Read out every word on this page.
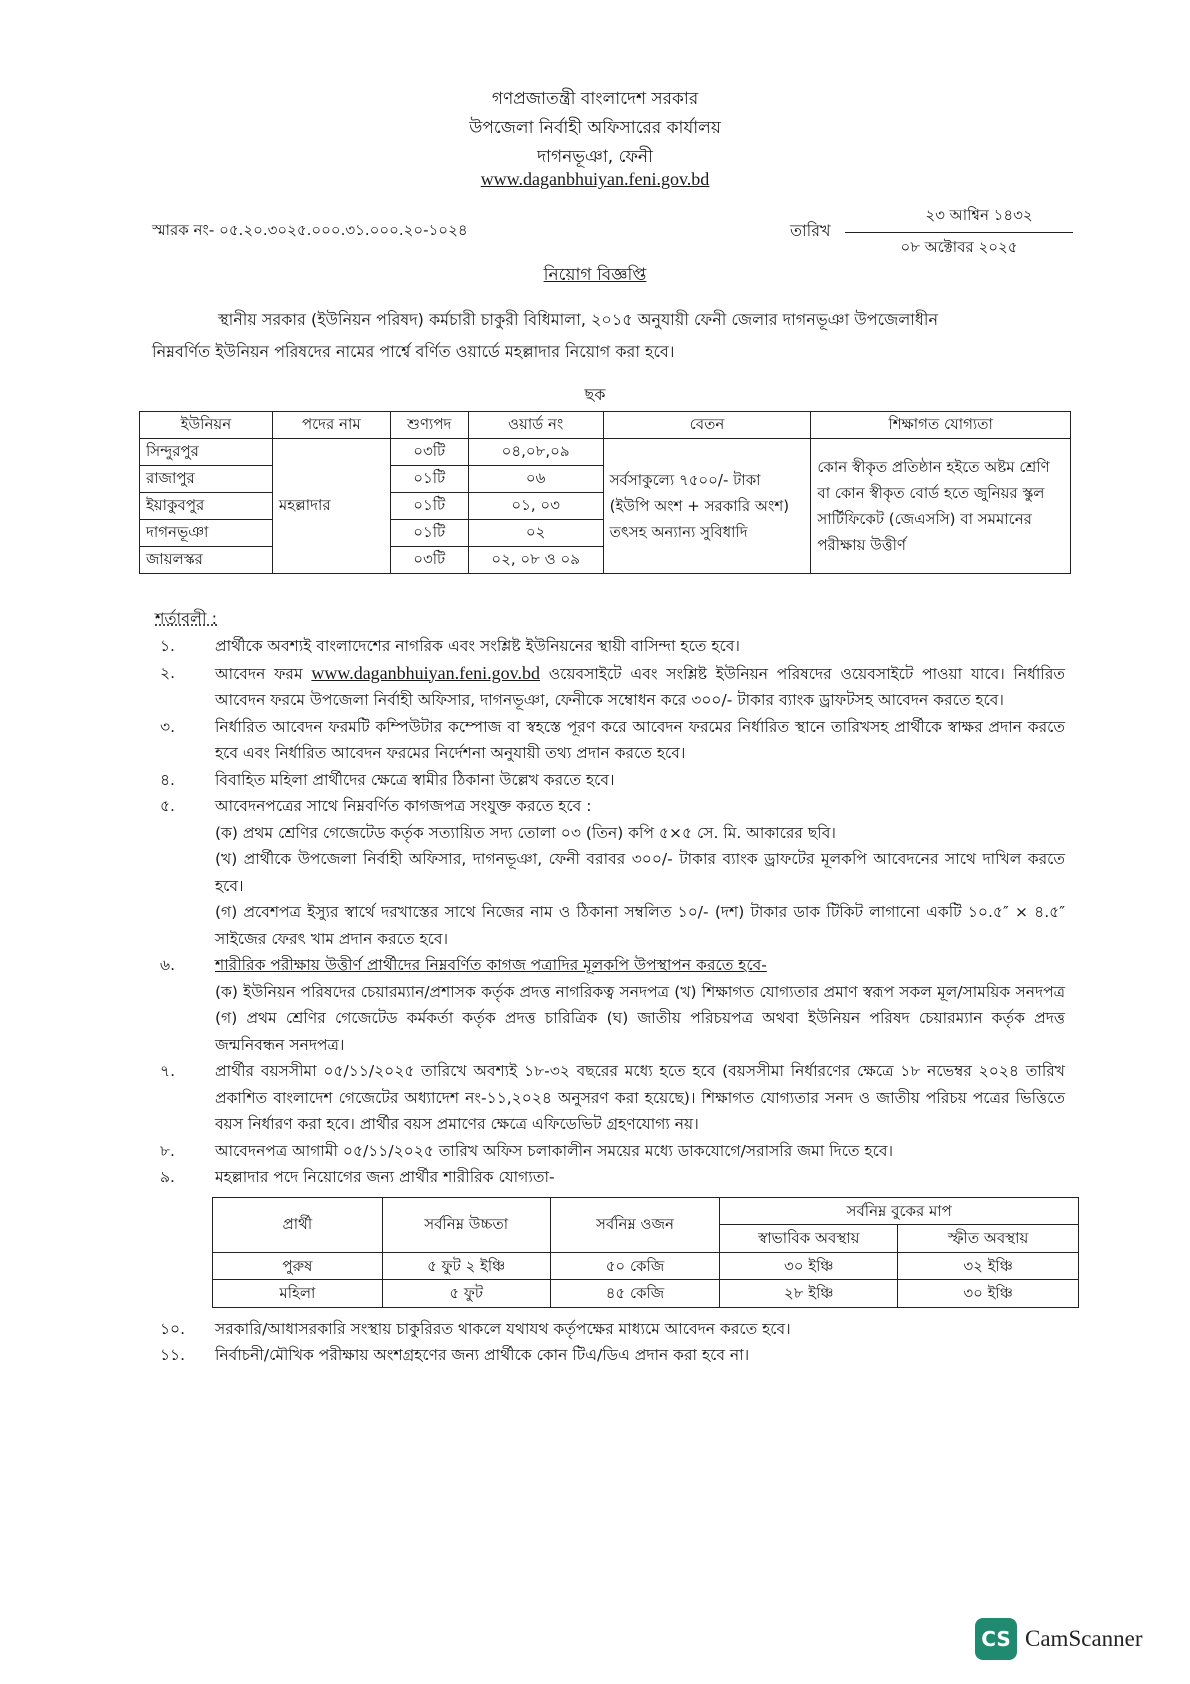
গণপ্রজাতন্ত্রী বাংলাদেশ সরকার
উপজেলা নির্বাহী অফিসারের কার্যালয়
দাগনভূঞা, ফেনী
www.daganbhuiyan.feni.gov.bd
স্মারক নং- ০৫.২০.৩০২৫.০০০.৩১.০০০.২০-১০২৪	তারিখ
২৩ আশ্বিন ১৪৩২
০৮ অক্টোবর ২০২৫
নিয়োগ বিজ্ঞপ্তি
স্থানীয় সরকার (ইউনিয়ন পরিষদ) কর্মচারী চাকুরী বিধিমালা, ২০১৫ অনুযায়ী ফেনী জেলার দাগনভূঞা উপজেলাধীন
নিম্নবর্ণিত ইউনিয়ন পরিষদের নামের পার্শ্বে বর্ণিত ওয়ার্ডে মহল্লাদার নিয়োগ করা হবে।
ছক
ইউনিয়ন	পদের নাম	শুণ্যপদ	ওয়ার্ড নং	বেতন	শিক্ষাগত যোগ্যতা
সিন্দুরপুর	মহল্লাদার	০৩টি	০৪,০৮,০৯	সর্বসাকুল্যে ৭৫০০/- টাকা (ইউপি অংশ + সরকারি অংশ) তৎসহ অন্যান্য সুবিধাদি	কোন স্বীকৃত প্রতিষ্ঠান হইতে অষ্টম শ্রেণি বা কোন স্বীকৃত বোর্ড হতে জুনিয়র স্কুল সার্টিফিকেট (জেএসসি) বা সমমানের পরীক্ষায় উত্তীর্ণ
রাজাপুর		০১টি	০৬		
ইয়াকুবপুর		০১টি	০১, ০৩		
দাগনভূঞা		০১টি	০২		
জায়লস্কর		০৩টি	০২, ০৮ ও ০৯		
শর্তাবলী :
১.	প্রার্থীকে অবশ্যই বাংলাদেশের নাগরিক এবং সংশ্লিষ্ট ইউনিয়নের স্থায়ী বাসিন্দা হতে হবে।
২.	আবেদন ফরম www.daganbhuiyan.feni.gov.bd ওয়েবসাইটে এবং সংশ্লিষ্ট ইউনিয়ন পরিষদের ওয়েবসাইটে পাওয়া যাবে। নির্ধারিত আবেদন ফরমে উপজেলা নির্বাহী অফিসার, দাগনভূঞা, ফেনীকে সম্বোধন করে ৩০০/- টাকার ব্যাংক ড্রাফটসহ আবেদন করতে হবে।
৩.	নির্ধারিত আবেদন ফরমটি কম্পিউটার কম্পোজ বা স্বহস্তে পূরণ করে আবেদন ফরমের নির্ধারিত স্থানে তারিখসহ প্রার্থীকে স্বাক্ষর প্রদান করতে হবে এবং নির্ধারিত আবেদন ফরমের নির্দেশনা অনুযায়ী তথ্য প্রদান করতে হবে।
৪.	বিবাহিত মহিলা প্রার্থীদের ক্ষেত্রে স্বামীর ঠিকানা উল্লেখ করতে হবে।
৫.	আবেদনপত্রের সাথে নিম্নবর্ণিত কাগজপত্র সংযুক্ত করতে হবে :
(ক) প্রথম শ্রেণির গেজেটেড কর্তৃক সত্যায়িত সদ্য তোলা ০৩ (তিন) কপি ৫×৫ সে. মি. আকারের ছবি।
(খ) প্রার্থীকে উপজেলা নির্বাহী অফিসার, দাগনভূঞা, ফেনী বরাবর ৩০০/- টাকার ব্যাংক ড্রাফটের মূলকপি আবেদনের সাথে দাখিল করতে হবে।
(গ) প্রবেশপত্র ইস্যুর স্বার্থে দরখাস্তের সাথে নিজের নাম ও ঠিকানা সম্বলিত ১০/- (দশ) টাকার ডাক টিকিট লাগানো একটি ১০.৫″ × ৪.৫″ সাইজের ফেরৎ খাম প্রদান করতে হবে।
৬.	শারীরিক পরীক্ষায় উত্তীর্ণ প্রার্থীদের নিম্নবর্ণিত কাগজ পত্রাদির মূলকপি উপস্থাপন করতে হবে-
(ক) ইউনিয়ন পরিষদের চেয়ারম্যান/প্রশাসক কর্তৃক প্রদত্ত নাগরিকত্ব সনদপত্র (খ) শিক্ষাগত যোগ্যতার প্রমাণ স্বরূপ সকল মূল/সাময়িক সনদপত্র (গ) প্রথম শ্রেণির গেজেটেড কর্মকর্তা কর্তৃক প্রদত্ত চারিত্রিক (ঘ) জাতীয় পরিচয়পত্র অথবা ইউনিয়ন পরিষদ চেয়ারম্যান কর্তৃক প্রদত্ত জন্মনিবন্ধন সনদপত্র।
৭.	প্রার্থীর বয়সসীমা ০৫/১১/২০২৫ তারিখে অবশ্যই ১৮-৩২ বছরের মধ্যে হতে হবে (বয়সসীমা নির্ধারণের ক্ষেত্রে ১৮ নভেম্বর ২০২৪ তারিখ প্রকাশিত বাংলাদেশ গেজেটের অধ্যাদেশ নং-১১,২০২৪ অনুসরণ করা হয়েছে)। শিক্ষাগত যোগ্যতার সনদ ও জাতীয় পরিচয় পত্রের ভিত্তিতে বয়স নির্ধারণ করা হবে। প্রার্থীর বয়স প্রমাণের ক্ষেত্রে এফিডেভিট গ্রহণযোগ্য নয়।
৮.	আবেদনপত্র আগামী ০৫/১১/২০২৫ তারিখ অফিস চলাকালীন সময়ের মধ্যে ডাকযোগে/সরাসরি জমা দিতে হবে।
৯.	মহল্লাদার পদে নিয়োগের জন্য প্রার্থীর শারীরিক যোগ্যতা-
প্রার্থী	সর্বনিম্ন উচ্চতা	সর্বনিম্ন ওজন	সর্বনিম্ন বুকের মাপ	
			স্বাভাবিক অবস্থায়	স্ফীত অবস্থায়
পুরুষ	৫ ফুট ২ ইঞ্চি	৫০ কেজি	৩০ ইঞ্চি	৩২ ইঞ্চি
মহিলা	৫ ফুট	৪৫ কেজি	২৮ ইঞ্চি	৩০ ইঞ্চি
১০.	সরকারি/আধাসরকারি সংস্থায় চাকুরিরত থাকলে যথাযথ কর্তৃপক্ষের মাধ্যমে আবেদন করতে হবে।
১১.	নির্বাচনী/মৌখিক পরীক্ষায় অংশগ্রহণের জন্য প্রার্থীকে কোন টিএ/ডিএ প্রদান করা হবে না।
CS CamScanner
